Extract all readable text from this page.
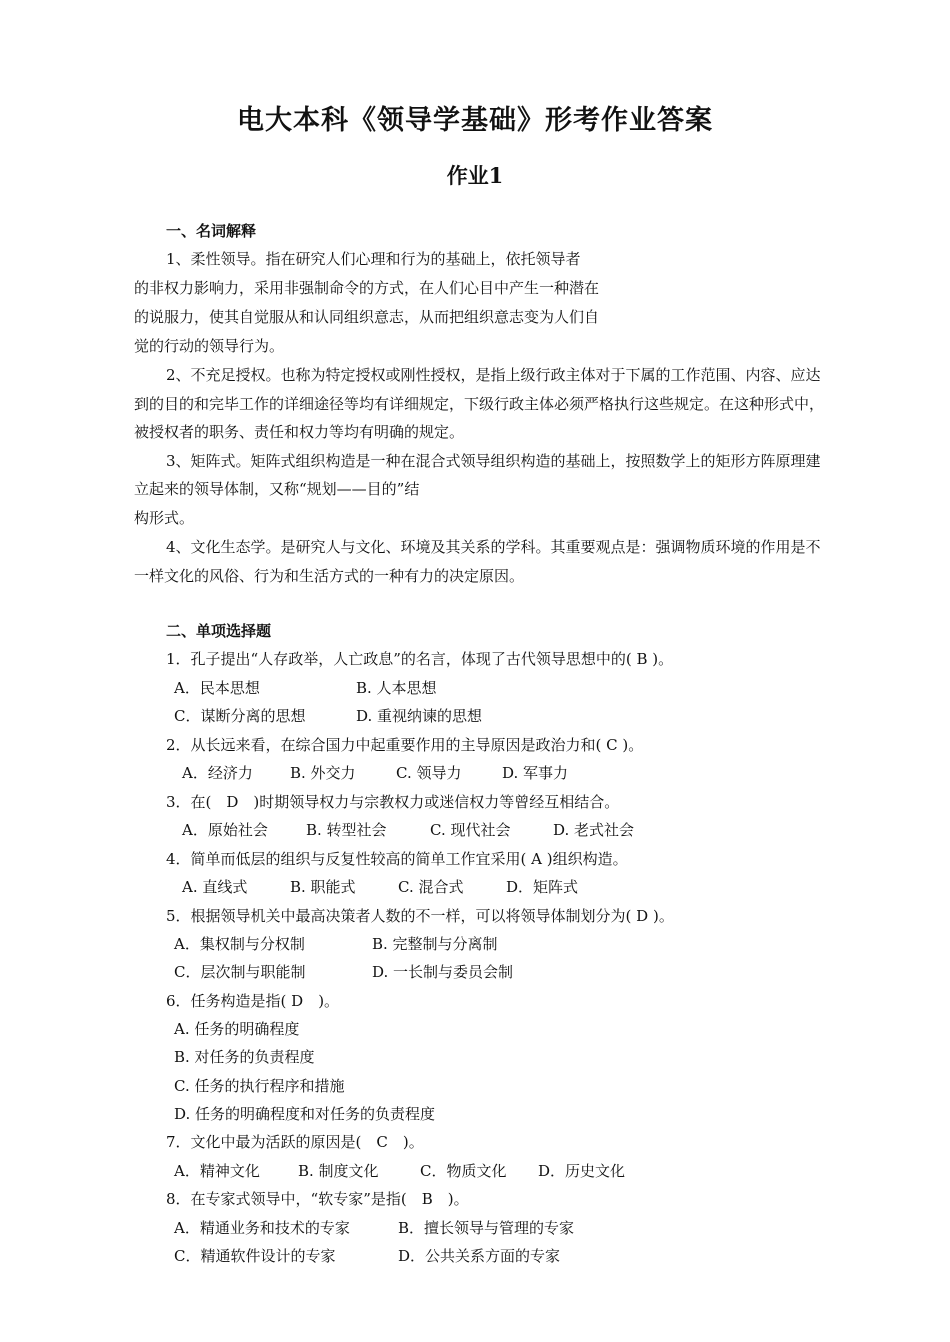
电大本科《领导学基础》形考作业答案
作业1
一、名词解释
1、柔性领导。指在研究人们心理和行为的基础上，依托领导者
的非权力影响力，采用非强制命令的方式，在人们心目中产生一种潜在
的说服力，使其自觉服从和认同组织意志，从而把组织意志变为人们自
觉的行动的领导行为。
2、不充足授权。也称为特定授权或刚性授权，是指上级行政主体对于下属的工作范围、内容、应达
到的目的和完毕工作的详细途径等均有详细规定，下级行政主体必须严格执行这些规定。在这种形式中，
被授权者的职务、责任和权力等均有明确的规定。
3、矩阵式。矩阵式组织构造是一种在混合式领导组织构造的基础上，按照数学上的矩形方阵原理建
立起来的领导体制，又称“规划——目的”结
构形式。
4、文化生态学。是研究人与文化、环境及其关系的学科。其重要观点是：强调物质环境的作用是不
一样文化的风俗、行为和生活方式的一种有力的决定原因。
二、单项选择题
1．孔子提出“人存政举，人亡政息”的名言，体现了古代领导思想中的( B )。
A．民本思想	B. 人本思想
C．谋断分离的思想	D. 重视纳谏的思想
2．从长远来看，在综合国力中起重要作用的主导原因是政治力和( C )。
A．经济力 B. 外交力	C. 领导力	D. 军事力
3．在(　D　)时期领导权力与宗教权力或迷信权力等曾经互相结合。
A．原始社会	B. 转型社会	C. 现代社会	D. 老式社会
4．简单而低层的组织与反复性较高的简单工作宜采用( A )组织构造。
A. 直线式	B. 职能式	C. 混合式	D．矩阵式
5．根据领导机关中最高决策者人数的不一样，可以将领导体制划分为( D )。
A．集权制与分权制	B. 完整制与分离制
C．层次制与职能制	D. 一长制与委员会制
6．任务构造是指( D　)。
A. 任务的明确程度
B. 对任务的负责程度
C. 任务的执行程序和措施
D. 任务的明确程度和对任务的负责程度
7．文化中最为活跃的原因是(　C　)。
A．精神文化	B. 制度文化	C．物质文化 D．历史文化
8．在专家式领导中，“软专家”是指(　B　)。
A．精通业务和技术的专家	B．擅长领导与管理的专家
C．精通软件设计的专家	D．公共关系方面的专家
